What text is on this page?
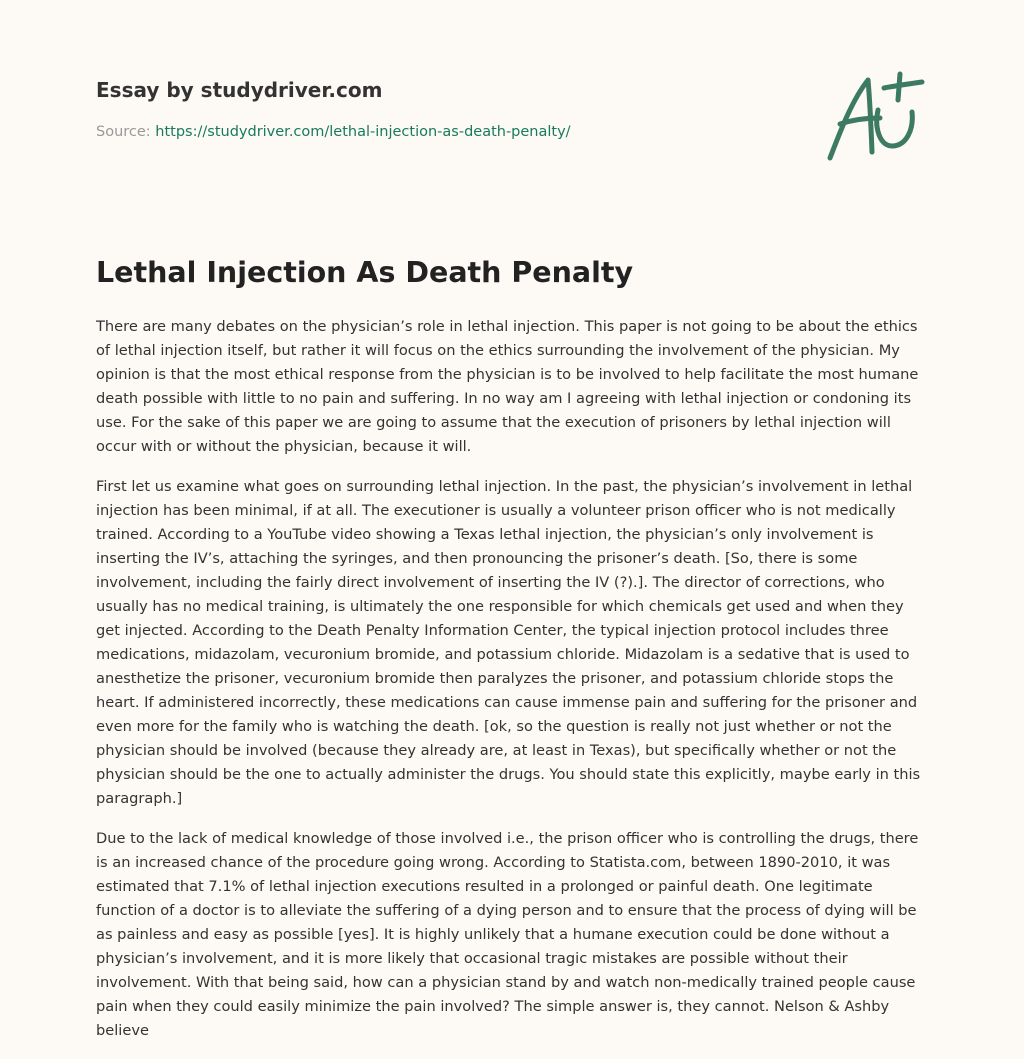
Essay by studydriver.com
Source: https://studydriver.com/lethal-injection-as-death-penalty/
Lethal Injection As Death Penalty

There are many debates on the physician’s role in lethal injection. This paper is not going to be about the ethics of lethal injection itself, but rather it will focus on the ethics surrounding the involvement of the physician. My opinion is that the most ethical response from the physician is to be involved to help facilitate the most humane death possible with little to no pain and suffering. In no way am I agreeing with lethal injection or condoning its use. For the sake of this paper we are going to assume that the execution of prisoners by lethal injection will occur with or without the physician, because it will.

First let us examine what goes on surrounding lethal injection. In the past, the physician’s involvement in lethal injection has been minimal, if at all. The executioner is usually a volunteer prison officer who is not medically trained. According to a YouTube video showing a Texas lethal injection, the physician’s only involvement is inserting the IV’s, attaching the syringes, and then pronouncing the prisoner’s death. [So, there is some involvement, including the fairly direct involvement of inserting the IV (?).]. The director of corrections, who usually has no medical training, is ultimately the one responsible for which chemicals get used and when they get injected. According to the Death Penalty Information Center, the typical injection protocol includes three medications, midazolam, vecuronium bromide, and potassium chloride. Midazolam is a sedative that is used to anesthetize the prisoner, vecuronium bromide then paralyzes the prisoner, and potassium chloride stops the heart. If administered incorrectly, these medications can cause immense pain and suffering for the prisoner and even more for the family who is watching the death. [ok, so the question is really not just whether or not the physician should be involved (because they already are, at least in Texas), but specifically whether or not the physician should be the one to actually administer the drugs. You should state this explicitly, maybe early in this paragraph.]

Due to the lack of medical knowledge of those involved i.e., the prison officer who is controlling the drugs, there is an increased chance of the procedure going wrong. According to Statista.com, between 1890-2010, it was estimated that 7.1% of lethal injection executions resulted in a prolonged or painful death. One legitimate function of a doctor is to alleviate the suffering of a dying person and to ensure that the process of dying will be as painless and easy as possible [yes]. It is highly unlikely that a humane execution could be done without a physician’s involvement, and it is more likely that occasional tragic mistakes are possible without their involvement. With that being said, how can a physician stand by and watch non-medically trained people cause pain when they could easily minimize the pain involved? The simple answer is, they cannot. Nelson & Ashby believe
